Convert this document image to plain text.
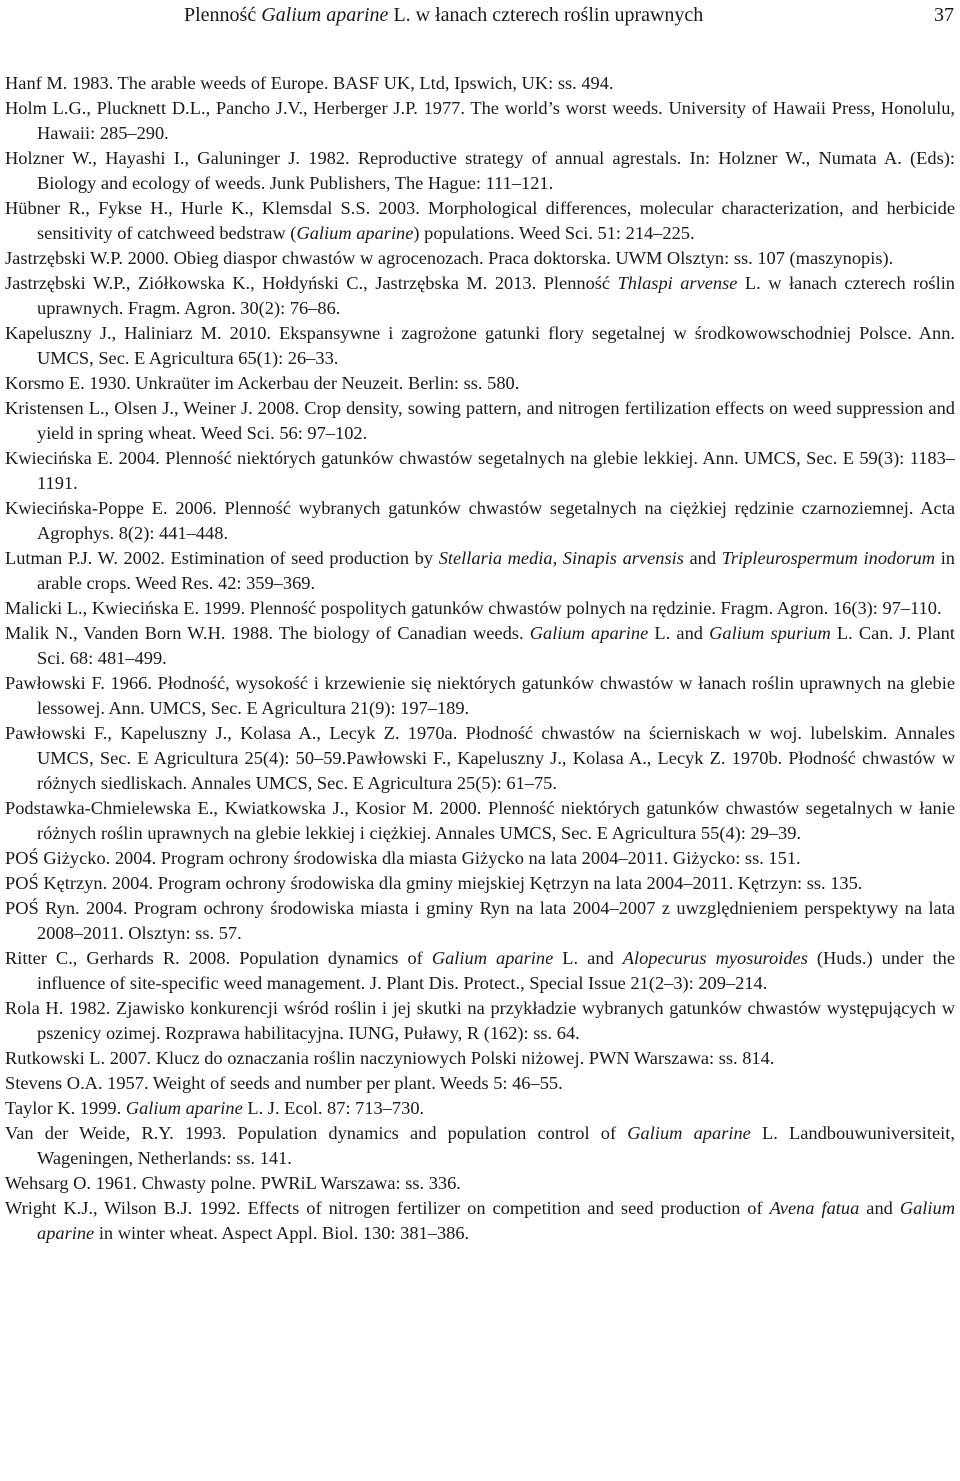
Plenność Galium aparine L. w łanach czterech roślin uprawnych	37
Hanf M. 1983. The arable weeds of Europe. BASF UK, Ltd, Ipswich, UK: ss. 494.
Holm L.G., Plucknett D.L., Pancho J.V., Herberger J.P. 1977. The world’s worst weeds. University of Hawaii Press, Honolulu, Hawaii: 285–290.
Holzner W., Hayashi I., Galuninger J. 1982. Reproductive strategy of annual agrestals. In: Holzner W., Numata A. (Eds): Biology and ecology of weeds. Junk Publishers, The Hague: 111–121.
Hübner R., Fykse H., Hurle K., Klemsdal S.S. 2003. Morphological differences, molecular characterization, and herbicide sensitivity of catchweed bedstraw (Galium aparine) populations. Weed Sci. 51: 214–225.
Jastrzębski W.P. 2000. Obieg diaspor chwastów w agrocenozach. Praca doktorska. UWM Olsztyn: ss. 107 (maszynopis).
Jastrzębski W.P., Ziółkowska K., Hołdyński C., Jastrzębska M. 2013. Plenność Thlaspi arvense L. w łanach czterech roślin uprawnych. Fragm. Agron. 30(2): 76–86.
Kapeluszny J., Haliniarz M. 2010. Ekspansywne i zagrożone gatunki flory segetalnej w środkowowschodniej Polsce. Ann. UMCS, Sec. E Agricultura 65(1): 26–33.
Korsmo E. 1930. Unkraüter im Ackerbau der Neuzeit. Berlin: ss. 580.
Kristensen L., Olsen J., Weiner J. 2008. Crop density, sowing pattern, and nitrogen fertilization effects on weed suppression and yield in spring wheat. Weed Sci. 56: 97–102.
Kwiecińska E. 2004. Plenność niektórych gatunków chwastów segetalnych na glebie lekkiej. Ann. UMCS, Sec. E 59(3): 1183–1191.
Kwiecińska-Poppe E. 2006. Plenność wybranych gatunków chwastów segetalnych na ciężkiej rędzinie czarnoziemnej. Acta Agrophys. 8(2): 441–448.
Lutman P.J. W. 2002. Estimination of seed production by Stellaria media, Sinapis arvensis and Tripleurospermum inodorum in arable crops. Weed Res. 42: 359–369.
Malicki L., Kwiecińska E. 1999. Plenność pospolitych gatunków chwastów polnych na rędzinie. Fragm. Agron. 16(3): 97–110.
Malik N., Vanden Born W.H. 1988. The biology of Canadian weeds. Galium aparine L. and Galium spurium L. Can. J. Plant Sci. 68: 481–499.
Pawłowski F. 1966. Płodność, wysokość i krzewienie się niektórych gatunków chwastów w łanach roślin uprawnych na glebie lessowej. Ann. UMCS, Sec. E Agricultura 21(9): 197–189.
Pawłowski F., Kapeluszny J., Kolasa A., Lecyk Z. 1970a. Płodność chwastów na ścierniskach w woj. lubelskim. Annales UMCS, Sec. E Agricultura 25(4): 50–59.Pawłowski F., Kapeluszny J., Kolasa A., Lecyk Z. 1970b. Płodność chwastów w różnych siedliskach. Annales UMCS, Sec. E Agricultura 25(5): 61–75.
Podstawka-Chmielewska E., Kwiatkowska J., Kosior M. 2000. Plenność niektórych gatunków chwastów segetalnych w łanie różnych roślin uprawnych na glebie lekkiej i ciężkiej. Annales UMCS, Sec. E Agricultura 55(4): 29–39.
POŚ Giżycko. 2004. Program ochrony środowiska dla miasta Giżycko na lata 2004–2011. Giżycko: ss. 151.
POŚ Kętrzyn. 2004. Program ochrony środowiska dla gminy miejskiej Kętrzyn na lata 2004–2011. Kętrzyn: ss. 135.
POŚ Ryn. 2004. Program ochrony środowiska miasta i gminy Ryn na lata 2004–2007 z uwzględnieniem perspektywy na lata 2008–2011. Olsztyn: ss. 57.
Ritter C., Gerhards R. 2008. Population dynamics of Galium aparine L. and Alopecurus myosuroides (Huds.) under the influence of site-specific weed management. J. Plant Dis. Protect., Special Issue 21(2–3): 209–214.
Rola H. 1982. Zjawisko konkurencji wśród roślin i jej skutki na przykładzie wybranych gatunków chwastów występujących w pszenicy ozimej. Rozprawa habilitacyjna. IUNG, Puławy, R (162): ss. 64.
Rutkowski L. 2007. Klucz do oznaczania roślin naczyniowych Polski niżowej. PWN Warszawa: ss. 814.
Stevens O.A. 1957. Weight of seeds and number per plant. Weeds 5: 46–55.
Taylor K. 1999. Galium aparine L. J. Ecol. 87: 713–730.
Van der Weide, R.Y. 1993. Population dynamics and population control of Galium aparine L. Landbouwuniversiteit, Wageningen, Netherlands: ss. 141.
Wehsarg O. 1961. Chwasty polne. PWRiL Warszawa: ss. 336.
Wright K.J., Wilson B.J. 1992. Effects of nitrogen fertilizer on competition and seed production of Avena fatua and Galium aparine in winter wheat. Aspect Appl. Biol. 130: 381–386.
